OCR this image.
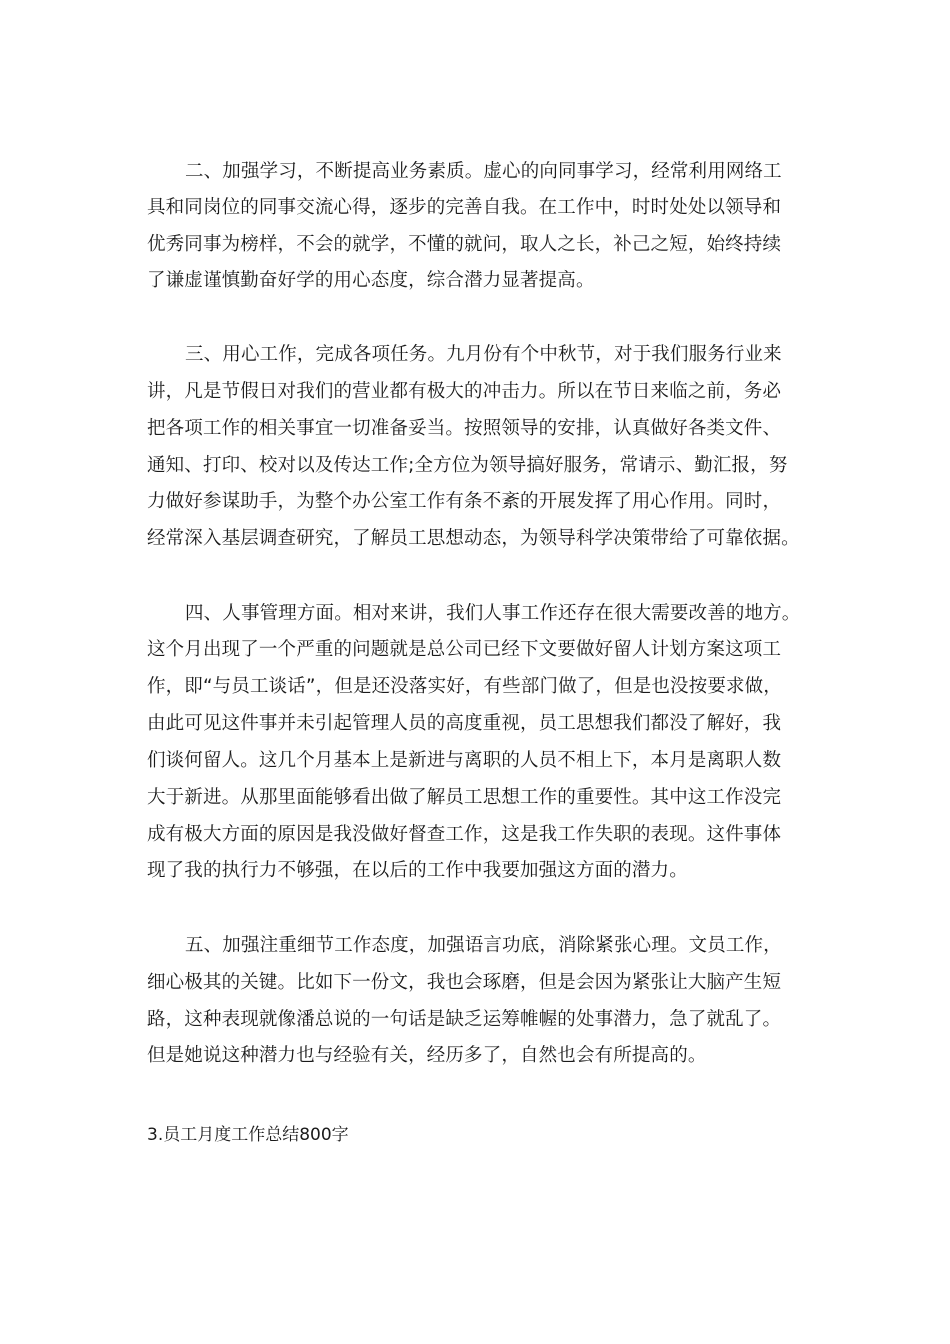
二、加强学习，不断提高业务素质。虚心的向同事学习，经常利用网络工
具和同岗位的同事交流心得，逐步的完善自我。在工作中，时时处处以领导和
优秀同事为榜样，不会的就学，不懂的就问，取人之长，补己之短，始终持续
了谦虚谨慎勤奋好学的用心态度，综合潜力显著提高。
三、用心工作，完成各项任务。九月份有个中秋节，对于我们服务行业来
讲，凡是节假日对我们的营业都有极大的冲击力。所以在节日来临之前，务必
把各项工作的相关事宜一切准备妥当。按照领导的安排，认真做好各类文件、
通知、打印、校对以及传达工作;全方位为领导搞好服务，常请示、勤汇报，努
力做好参谋助手，为整个办公室工作有条不紊的开展发挥了用心作用。同时，
经常深入基层调查研究，了解员工思想动态，为领导科学决策带给了可靠依据。
四、人事管理方面。相对来讲，我们人事工作还存在很大需要改善的地方。
这个月出现了一个严重的问题就是总公司已经下文要做好留人计划方案这项工
作，即“与员工谈话”，但是还没落实好，有些部门做了，但是也没按要求做，
由此可见这件事并未引起管理人员的高度重视，员工思想我们都没了解好，我
们谈何留人。这几个月基本上是新进与离职的人员不相上下，本月是离职人数
大于新进。从那里面能够看出做了解员工思想工作的重要性。其中这工作没完
成有极大方面的原因是我没做好督查工作，这是我工作失职的表现。这件事体
现了我的执行力不够强，在以后的工作中我要加强这方面的潜力。
五、加强注重细节工作态度，加强语言功底，消除紧张心理。文员工作，
细心极其的关键。比如下一份文，我也会琢磨，但是会因为紧张让大脑产生短
路，这种表现就像潘总说的一句话是缺乏运筹帷幄的处事潜力，急了就乱了。
但是她说这种潜力也与经验有关，经历多了，自然也会有所提高的。
3.员工月度工作总结800字
